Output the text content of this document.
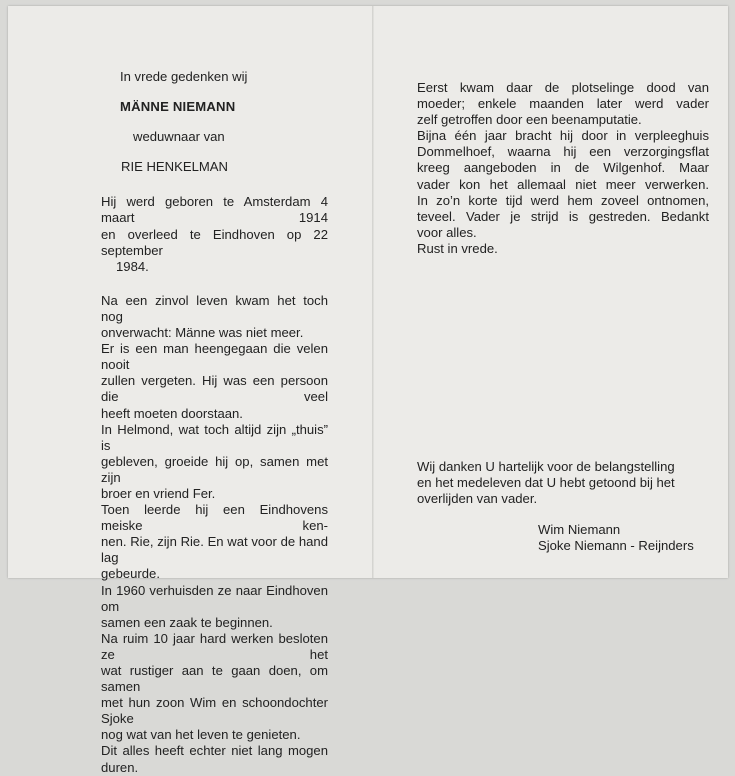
In vrede gedenken wij
MÄNNE NIEMANN
weduwnaar van
RIE HENKELMAN

Hij werd geboren te Amsterdam 4 maart 1914

en overleed te Eindhoven op 22 september

1984.

Na een zinvol leven kwam het toch nog

onverwacht: Männe was niet meer.

Er is een man heengegaan die velen nooit

zullen vergeten. Hij was een persoon die veel

heeft moeten doorstaan.

In Helmond, wat toch altijd zijn „thuis” is

gebleven, groeide hij op, samen met zijn

broer en vriend Fer.

Toen leerde hij een Eindhovens meiske ken-

nen. Rie, zijn Rie. En wat voor de hand lag

gebeurde.

In 1960 verhuisden ze naar Eindhoven om

samen een zaak te beginnen.

Na ruim 10 jaar hard werken besloten ze het

wat rustiger aan te gaan doen, om samen

met hun zoon Wim en schoondochter Sjoke

nog wat van het leven te genieten.

Dit alles heeft echter niet lang mogen duren.

Eerst kwam daar de plotselinge dood van

moeder; enkele maanden later werd vader

zelf getroffen door een beenamputatie.

Bijna één jaar bracht hij door in verpleeghuis

Dommelhoef, waarna hij een verzorgingsflat

kreeg aangeboden in de Wilgenhof. Maar

vader kon het allemaal niet meer verwerken.

In zo’n korte tijd werd hem zoveel ontnomen,

teveel. Vader je strijd is gestreden. Bedankt

voor alles.

Rust in vrede.

Wij danken U hartelijk voor de belangstelling

en het medeleven dat U hebt getoond bij het

overlijden van vader.

Wim Niemann
Sjoke Niemann - Reijnders
